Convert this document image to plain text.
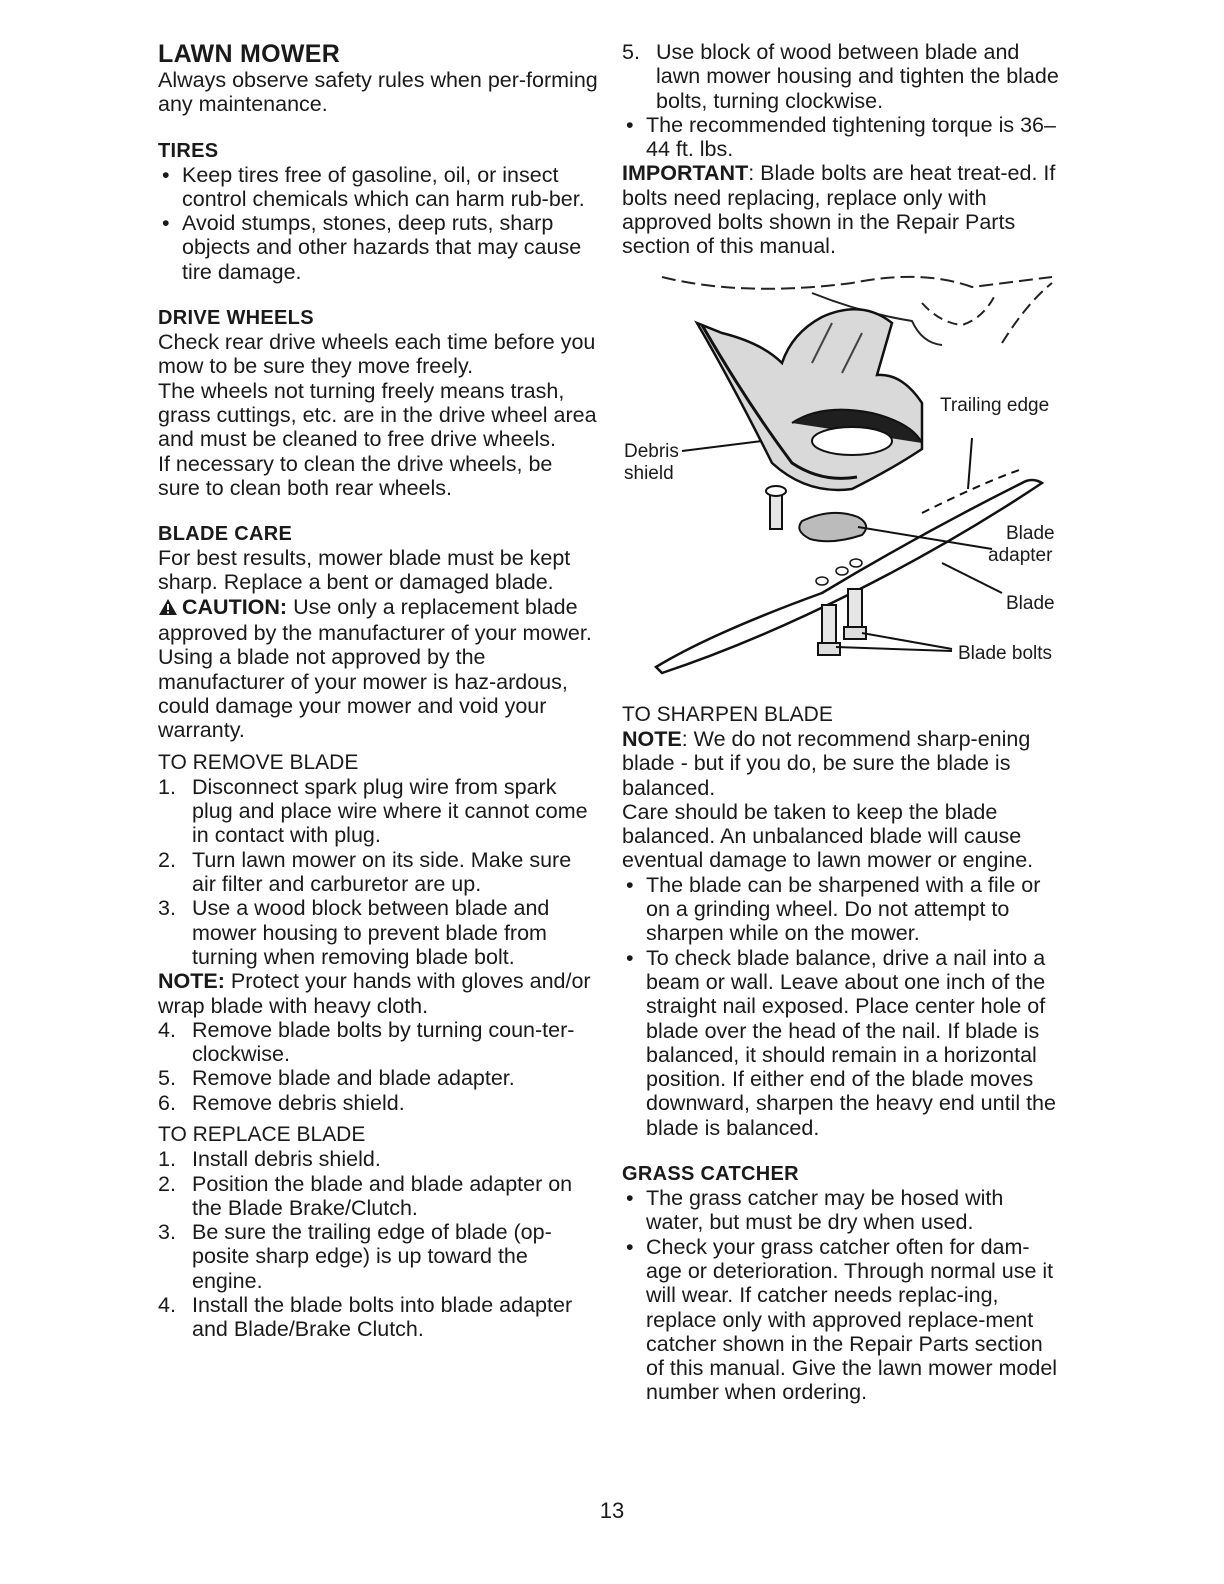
LAWN MOWER

Always observe safety rules when per-forming any maintenance.

TIRES
• Keep tires free of gasoline, oil, or insect control chemicals which can harm rub-ber.
• Avoid stumps, stones, deep ruts, sharp objects and other hazards that may cause tire damage.
DRIVE WHEELS

Check rear drive wheels each time before you mow to be sure they move freely.

The wheels not turning freely means trash, grass cuttings, etc. are in the drive wheel area and must be cleaned to free drive wheels.

If necessary to clean the drive wheels, be sure to clean both rear wheels.

BLADE CARE

For best results, mower blade must be kept sharp. Replace a bent or damaged blade.

CAUTION: Use only a replacement blade approved by the manufacturer of your mower. Using a blade not approved by the manufacturer of your mower is haz-ardous, could damage your mower and void your warranty.

TO REMOVE BLADE

1. Disconnect spark plug wire from spark plug and place wire where it cannot come in contact with plug.
2. Turn lawn mower on its side. Make sure air filter and carburetor are up.
3. Use a wood block between blade and mower housing to prevent blade from turning when removing blade bolt.

NOTE: Protect your hands with gloves and/or wrap blade with heavy cloth.

4. Remove blade bolts by turning coun-ter-clockwise.
5. Remove blade and blade adapter.
6. Remove debris shield.

TO REPLACE BLADE

1. Install debris shield.
2. Position the blade and blade adapter on the Blade Brake/Clutch.
3. Be sure the trailing edge of blade (op-posite sharp edge) is up toward the engine.
4. Install the blade bolts into blade adapter and Blade/Brake Clutch.
5. Use block of wood between blade and lawn mower housing and tighten the blade bolts, turning clockwise.
• The recommended tightening torque is 36–44 ft. lbs.

IMPORTANT: Blade bolts are heat treat-ed. If bolts need replacing, replace only with approved bolts shown in the Repair Parts section of this manual.

Trailing edge
Debris
shield
Blade
adapter
Blade
Blade bolts

TO SHARPEN BLADE

NOTE: We do not recommend sharp-ening blade - but if you do, be sure the blade is balanced.

Care should be taken to keep the blade balanced. An unbalanced blade will cause eventual damage to lawn mower or engine.

• The blade can be sharpened with a file or on a grinding wheel. Do not attempt to sharpen while on the mower.
• To check blade balance, drive a nail into a beam or wall. Leave about one inch of the straight nail exposed. Place center hole of blade over the head of the nail. If blade is balanced, it should remain in a horizontal position. If either end of the blade moves downward, sharpen the heavy end until the blade is balanced.
GRASS CATCHER
• The grass catcher may be hosed with water, but must be dry when used.
• Check your grass catcher often for dam-age or deterioration. Through normal use it will wear. If catcher needs replac-ing, replace only with approved replace-ment catcher shown in the Repair Parts section of this manual. Give the lawn mower model number when ordering.
13
